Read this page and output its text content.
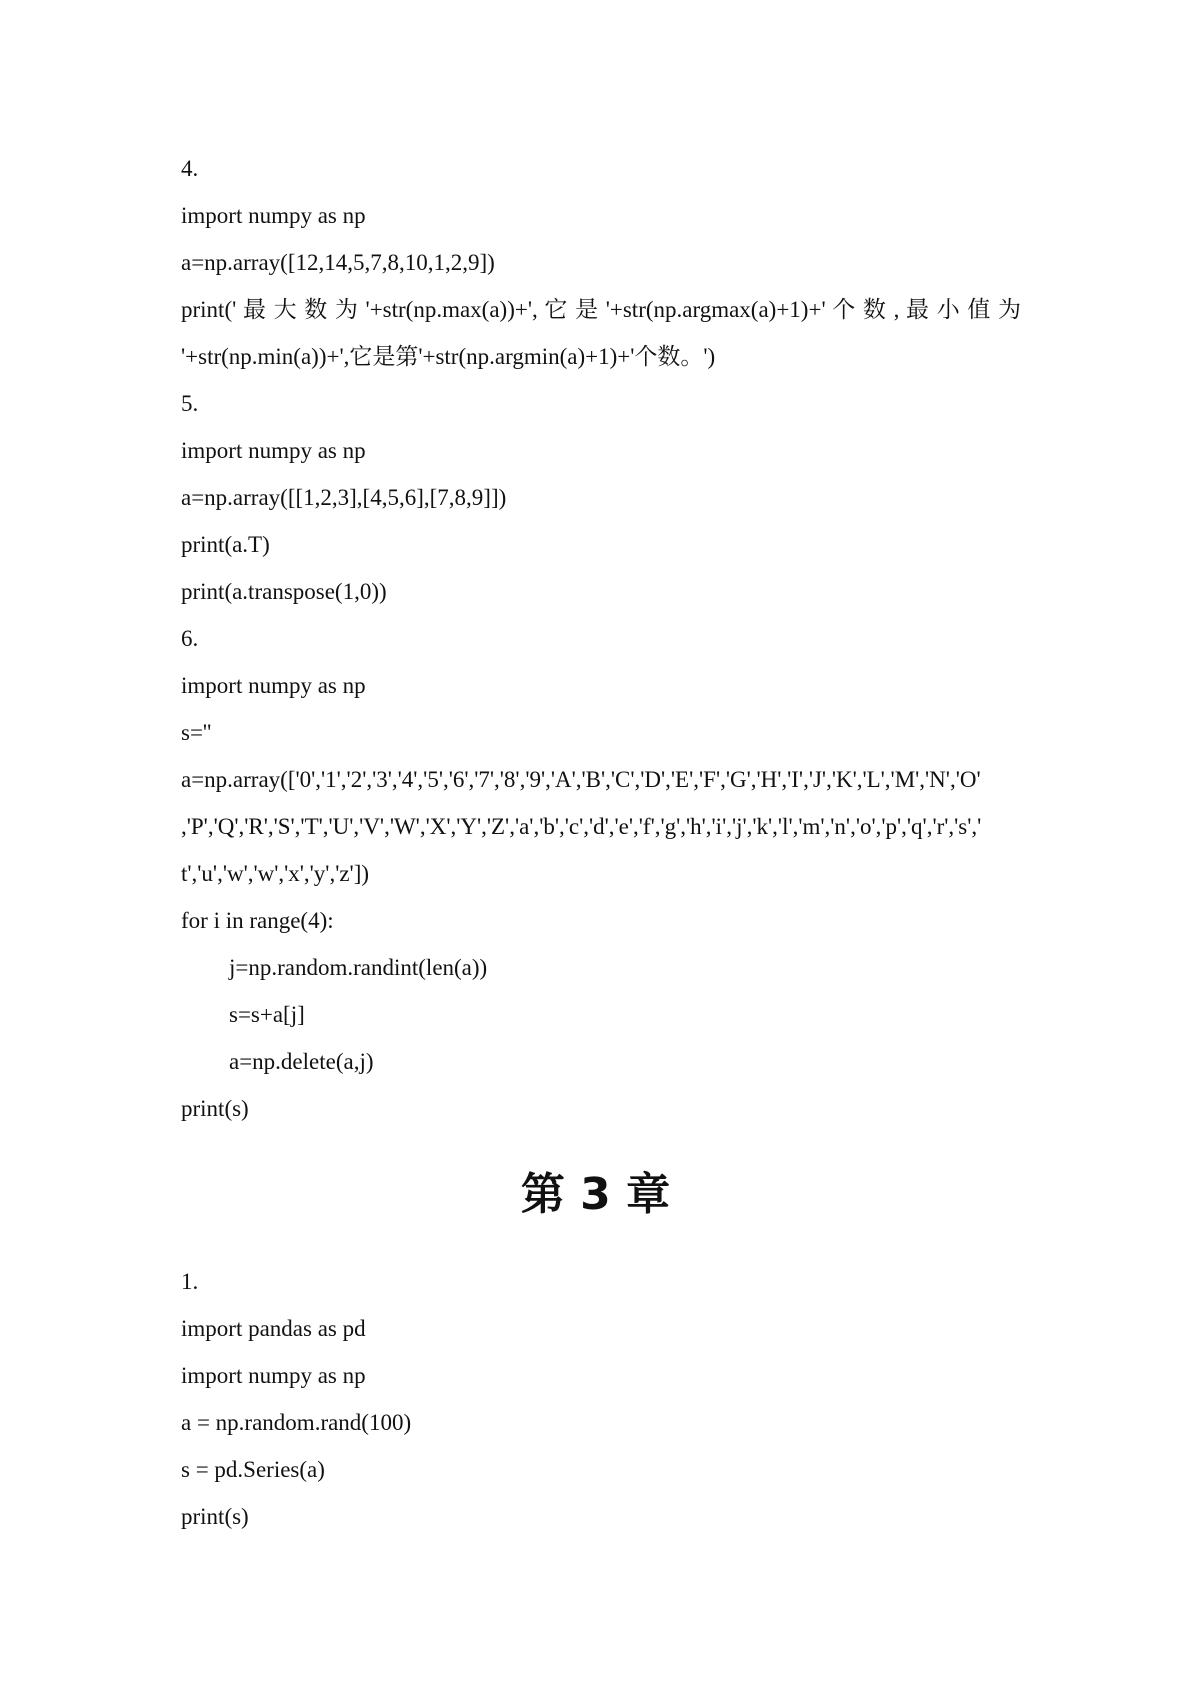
4.
import numpy as np
a=np.array([12,14,5,7,8,10,1,2,9])
print(' 最 大 数 为 '+str(np.max(a))+', 它 是 '+str(np.argmax(a)+1)+' 个 数 , 最 小 值 为
'+str(np.min(a))+',它是第'+str(np.argmin(a)+1)+'个数。')
5.
import numpy as np
a=np.array([[1,2,3],[4,5,6],[7,8,9]])
print(a.T)
print(a.transpose(1,0))
6.
import numpy as np
s=''
a=np.array(['0','1','2','3','4','5','6','7','8','9','A','B','C','D','E','F','G','H','I','J','K','L','M','N','O'
,'P','Q','R','S','T','U','V','W','X','Y','Z','a','b','c','d','e','f','g','h','i','j','k','l','m','n','o','p','q','r','s','
t','u','w','w','x','y','z'])
for i in range(4):
j=np.random.randint(len(a))
s=s+a[j]
a=np.delete(a,j)
print(s)
第 3 章
1.
import pandas as pd
import numpy as np
a = np.random.rand(100)
s = pd.Series(a)
print(s)
